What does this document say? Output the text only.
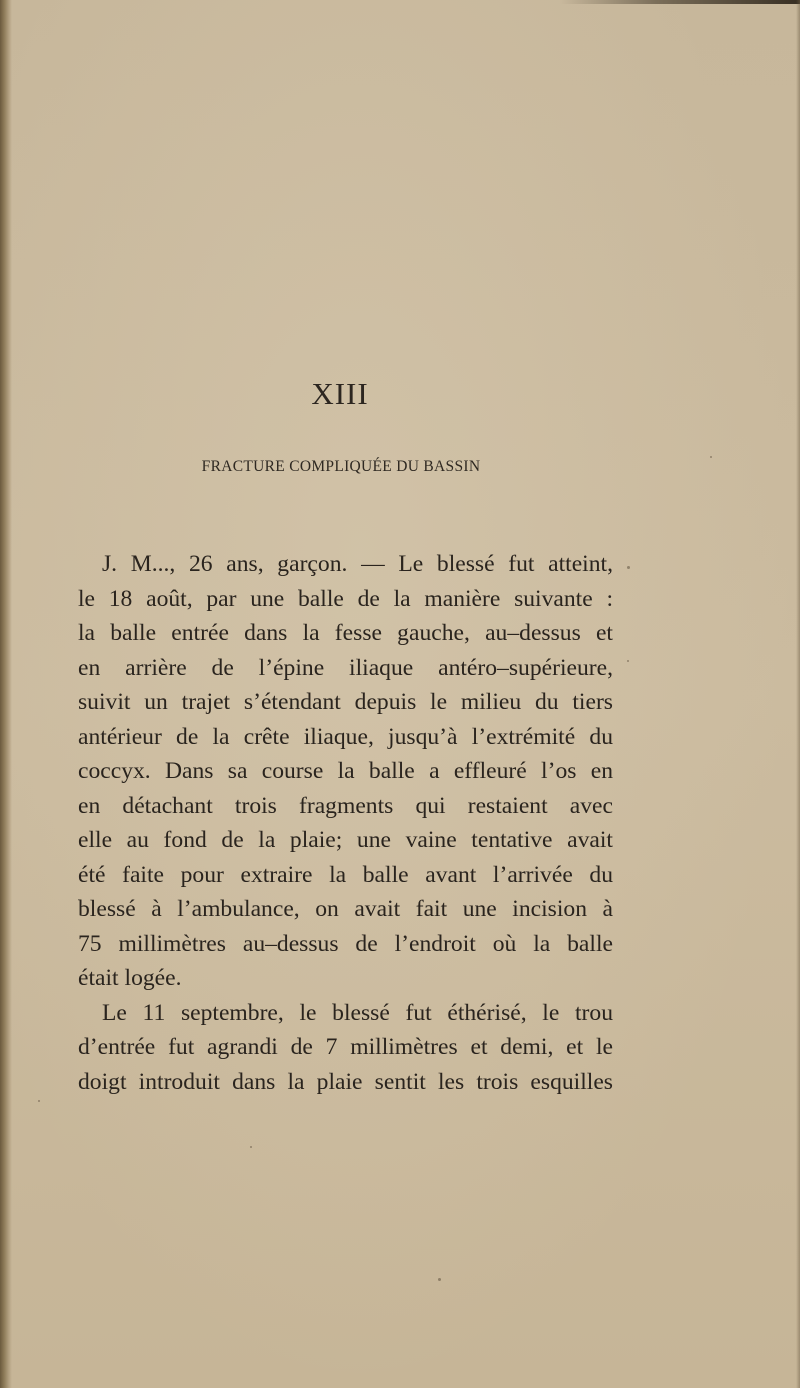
XIII
FRACTURE COMPLIQUÉE DU BASSIN
J. M..., 26 ans, garçon. — Le blessé fut atteint,
le 18 août, par une balle de la manière suivante :
la balle entrée dans la fesse gauche, au–dessus et
en arrière de l’épine iliaque antéro–supérieure,
suivit un trajet s’étendant depuis le milieu du tiers
antérieur de la crête iliaque, jusqu’à l’extrémité du
coccyx. Dans sa course la balle a effleuré l’os en
en détachant trois fragments qui restaient avec
elle au fond de la plaie; une vaine tentative avait
été faite pour extraire la balle avant l’arrivée du
blessé à l’ambulance, on avait fait une incision à
75 millimètres au–dessus de l’endroit où la balle
était logée.
Le 11 septembre, le blessé fut éthérisé, le trou
d’entrée fut agrandi de 7 millimètres et demi, et le
doigt introduit dans la plaie sentit les trois esquilles
